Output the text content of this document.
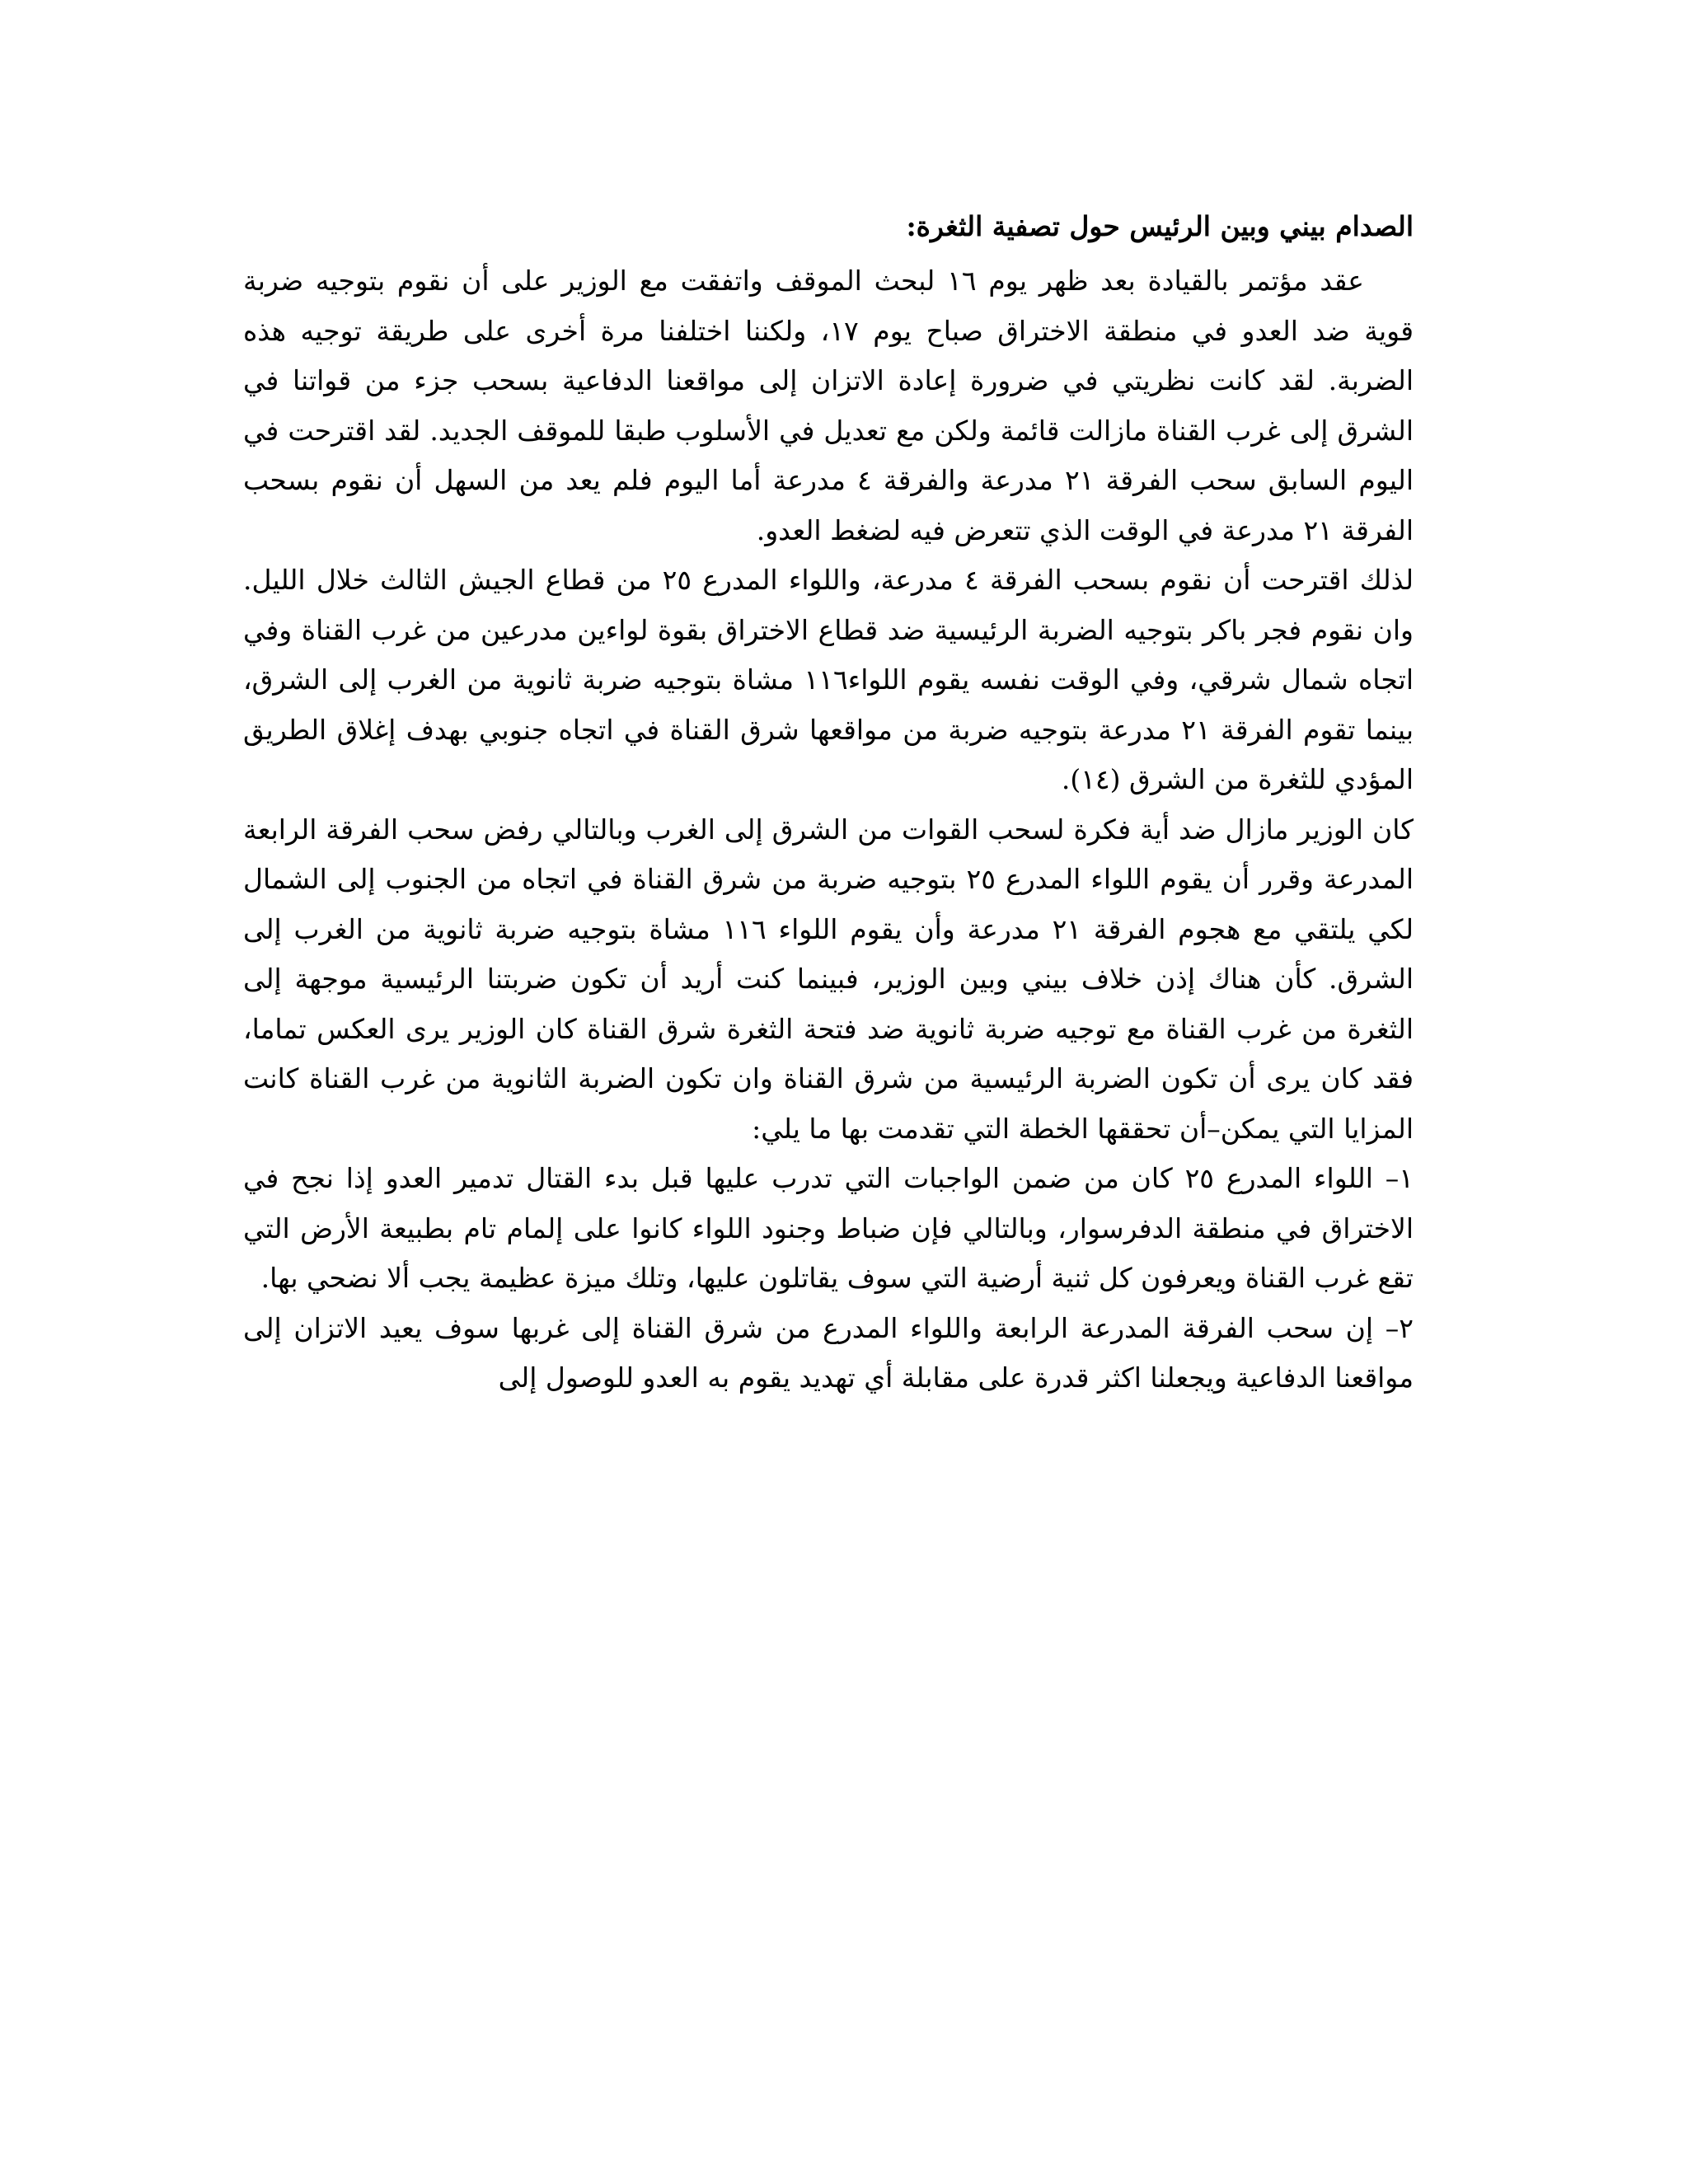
الصدام بيني وبين الرئيس حول تصفية الثغرة:

عقد مؤتمر بالقيادة بعد ظهر يوم ١٦ لبحث الموقف واتفقت مع الوزير على أن نقوم بتوجيه ضربة قوية ضد العدو في منطقة الاختراق صباح يوم ١٧، ولكننا اختلفنا مرة أخرى على طريقة توجيه هذه الضربة. لقد كانت نظريتي في ضرورة إعادة الاتزان إلى مواقعنا الدفاعية بسحب جزء من قواتنا في الشرق إلى غرب القناة مازالت قائمة ولكن مع تعديل في الأسلوب طبقا للموقف الجديد. لقد اقترحت في اليوم السابق سحب الفرقة ٢١ مدرعة والفرقة ٤ مدرعة أما اليوم فلم يعد من السهل أن نقوم بسحب الفرقة ٢١ مدرعة في الوقت الذي تتعرض فيه لضغط العدو.

لذلك اقترحت أن نقوم بسحب الفرقة ٤ مدرعة، واللواء المدرع ٢٥ من قطاع الجيش الثالث خلال الليل. وان نقوم فجر باكر بتوجيه الضربة الرئيسية ضد قطاع الاختراق بقوة لواءين مدرعين من غرب القناة وفي اتجاه شمال شرقي، وفي الوقت نفسه يقوم اللواء١١٦ مشاة بتوجيه ضربة ثانوية من الغرب إلى الشرق، بينما تقوم الفرقة ٢١ مدرعة بتوجيه ضربة من مواقعها شرق القناة في اتجاه جنوبي بهدف إغلاق الطريق المؤدي للثغرة من الشرق (١٤).

كان الوزير مازال ضد أية فكرة لسحب القوات من الشرق إلى الغرب وبالتالي رفض سحب الفرقة الرابعة المدرعة وقرر أن يقوم اللواء المدرع ٢٥ بتوجيه ضربة من شرق القناة في اتجاه من الجنوب إلى الشمال لكي يلتقي مع هجوم الفرقة ٢١ مدرعة وأن يقوم اللواء ١١٦ مشاة بتوجيه ضربة ثانوية من الغرب إلى الشرق. كأن هناك إذن خلاف بيني وبين الوزير، فبينما كنت أريد أن تكون ضربتنا الرئيسية موجهة إلى الثغرة من غرب القناة مع توجيه ضربة ثانوية ضد فتحة الثغرة شرق القناة كان الوزير يرى العكس تماما، فقد كان يرى أن تكون الضربة الرئيسية من شرق القناة وان تكون الضربة الثانوية من غرب القناة كانت المزايا التي يمكن–أن تحققها الخطة التي تقدمت بها ما يلي:

١– اللواء المدرع ٢٥ كان من ضمن الواجبات التي تدرب عليها قبل بدء القتال تدمير العدو إذا نجح في الاختراق في منطقة الدفرسوار، وبالتالي فإن ضباط وجنود اللواء كانوا على إلمام تام بطبيعة الأرض التي تقع غرب القناة ويعرفون كل ثنية أرضية التي سوف يقاتلون عليها، وتلك ميزة عظيمة يجب ألا نضحي بها.

٢– إن سحب الفرقة المدرعة الرابعة واللواء المدرع من شرق القناة إلى غربها سوف يعيد الاتزان إلى مواقعنا الدفاعية ويجعلنا اكثر قدرة على مقابلة أي تهديد يقوم به العدو للوصول إلى
